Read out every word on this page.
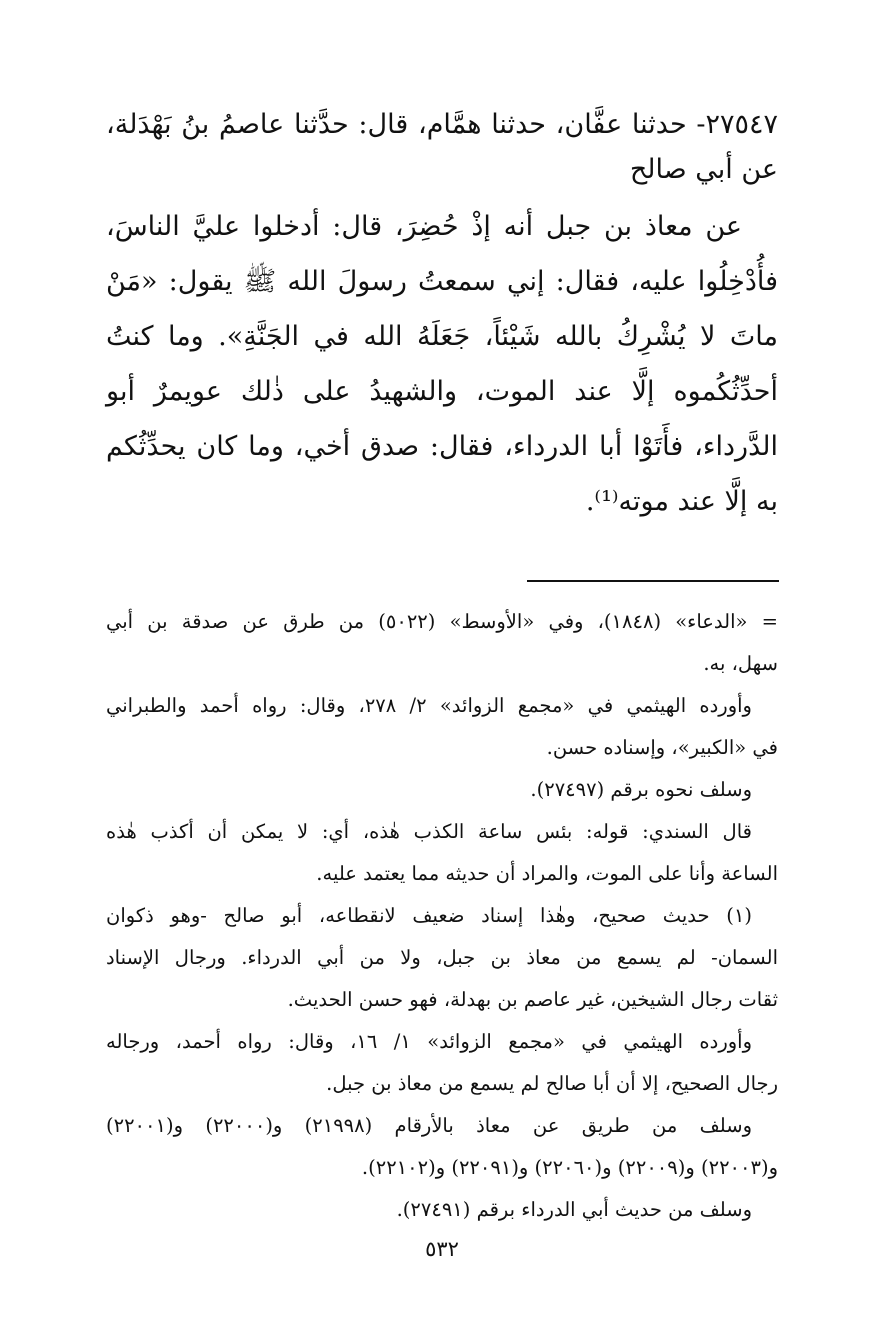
٢٧٥٤٧- حدثنا عفَّان، حدثنا همَّام، قال: حدَّثنا عاصمُ بنُ بَهْدَلة،
عن أبي صالح
عن معاذ بن جبل أنه إذْ حُضِرَ، قال: أدخلوا عليَّ الناسَ،
فأُدْخِلُوا عليه، فقال: إني سمعتُ رسولَ الله ﷺ يقول: «مَنْ
ماتَ لا يُشْرِكُ بالله شَيْئاً، جَعَلَهُ الله في الجَنَّةِ». وما كنتُ
أحدِّثُكُموه إلَّا عند الموت، والشهيدُ على ذٰلك عويمرٌ أبو
الدَّرداء، فأَتَوْا أبا الدرداء، فقال: صدق أخي، وما كان يحدِّثُكم
به إلَّا عند موته⁽¹⁾.
= «الدعاء» (١٨٤٨)، وفي «الأوسط» (٥٠٢٢) من طرق عن صدقة بن أبي
سهل، به.
وأورده الهيثمي في «مجمع الزوائد» ٢/ ٢٧٨، وقال: رواه أحمد والطبراني
في «الكبير»، وإسناده حسن.
وسلف نحوه برقم (٢٧٤٩٧).
قال السندي: قوله: بئس ساعة الكذب هٰذه، أي: لا يمكن أن أكذب هٰذه
الساعة وأنا على الموت، والمراد أن حديثه مما يعتمد عليه.
(١) حديث صحيح، وهٰذا إسناد ضعيف لانقطاعه، أبو صالح -وهو ذكوان
السمان- لم يسمع من معاذ بن جبل، ولا من أبي الدرداء. ورجال الإسناد
ثقات رجال الشيخين، غير عاصم بن بهدلة، فهو حسن الحديث.
وأورده الهيثمي في «مجمع الزوائد» ١/ ١٦، وقال: رواه أحمد، ورجاله
رجال الصحيح، إلا أن أبا صالح لم يسمع من معاذ بن جبل.
وسلف من طريق عن معاذ بالأرقام (٢١٩٩٨) و(٢٢٠٠٠) و(٢٢٠٠١)
و(٢٢٠٠٣) و(٢٢٠٠٩) و(٢٢٠٦٠) و(٢٢٠٩١) و(٢٢١٠٢).
وسلف من حديث أبي الدرداء برقم (٢٧٤٩١).
٥٣٢
